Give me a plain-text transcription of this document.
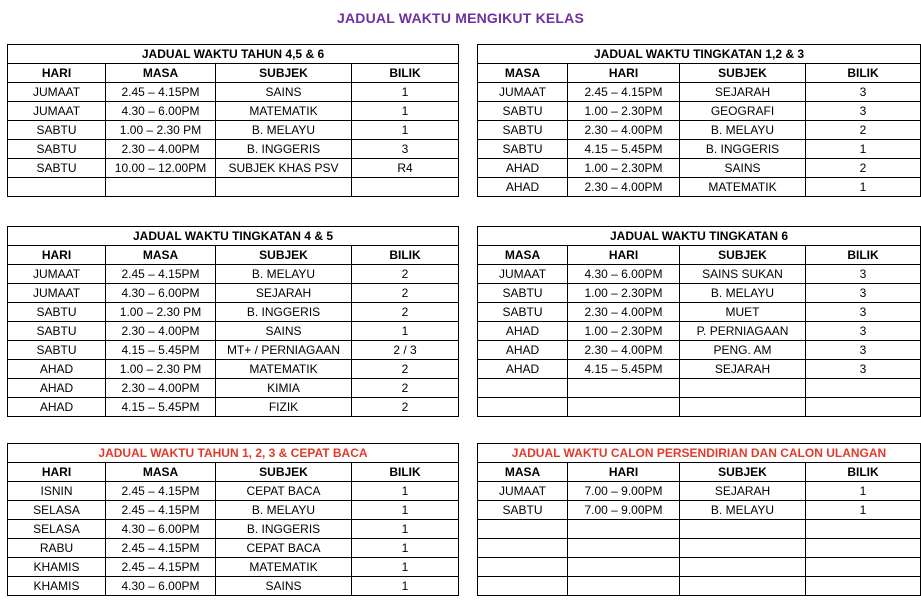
JADUAL WAKTU MENGIKUT KELAS
JADUAL WAKTU TAHUN 4,5 & 6			
HARI	MASA	SUBJEK	BILIK
JUMAAT	2.45 – 4.15PM	SAINS	1
JUMAAT	4.30 – 6.00PM	MATEMATIK	1
SABTU	1.00 – 2.30 PM	B. MELAYU	1
SABTU	2.30 – 4.00PM	B. INGGERIS	3
SABTU	10.00 – 12.00PM	SUBJEK KHAS PSV	R4

JADUAL WAKTU TINGKATAN 1,2 & 3			
MASA	HARI	SUBJEK	BILIK
JUMAAT	2.45 – 4.15PM	SEJARAH	3
SABTU	1.00 – 2.30PM	GEOGRAFI	3
SABTU	2.30 – 4.00PM	B. MELAYU	2
SABTU	4.15 – 5.45PM	B. INGGERIS	1
AHAD	1.00 – 2.30PM	SAINS	2
AHAD	2.30 – 4.00PM	MATEMATIK	1
JADUAL WAKTU TINGKATAN 4 & 5			
HARI	MASA	SUBJEK	BILIK
JUMAAT	2.45 – 4.15PM	B. MELAYU	2
JUMAAT	4.30 – 6.00PM	SEJARAH	2
SABTU	1.00 – 2.30 PM	B. INGGERIS	2
SABTU	2.30 – 4.00PM	SAINS	1
SABTU	4.15 – 5.45PM	MT+ / PERNIAGAAN	2 / 3
AHAD	1.00 – 2.30 PM	MATEMATIK	2
AHAD	2.30 – 4.00PM	KIMIA	2
AHAD	4.15 – 5.45PM	FIZIK	2
JADUAL WAKTU TINGKATAN 6			
MASA	HARI	SUBJEK	BILIK
JUMAAT	4.30 – 6.00PM	SAINS SUKAN	3
SABTU	1.00 – 2.30PM	B. MELAYU	3
SABTU	2.30 – 4.00PM	MUET	3
AHAD	1.00 – 2.30PM	P. PERNIAGAAN	3
AHAD	2.30 – 4.00PM	PENG. AM	3
AHAD	4.15 – 5.45PM	SEJARAH	3

JADUAL WAKTU TAHUN 1, 2, 3 & CEPAT BACA			
HARI	MASA	SUBJEK	BILIK
ISNIN	2.45 – 4.15PM	CEPAT BACA	1
SELASA	2.45 – 4.15PM	B. MELAYU	1
SELASA	4.30 – 6.00PM	B. INGGERIS	1
RABU	2.45 – 4.15PM	CEPAT BACA	1
KHAMIS	2.45 – 4.15PM	MATEMATIK	1
KHAMIS	4.30 – 6.00PM	SAINS	1
JADUAL WAKTU CALON PERSENDIRIAN DAN CALON ULANGAN			
MASA	HARI	SUBJEK	BILIK
JUMAAT	7.00 – 9.00PM	SEJARAH	1
SABTU	7.00 – 9.00PM	B. MELAYU	1
